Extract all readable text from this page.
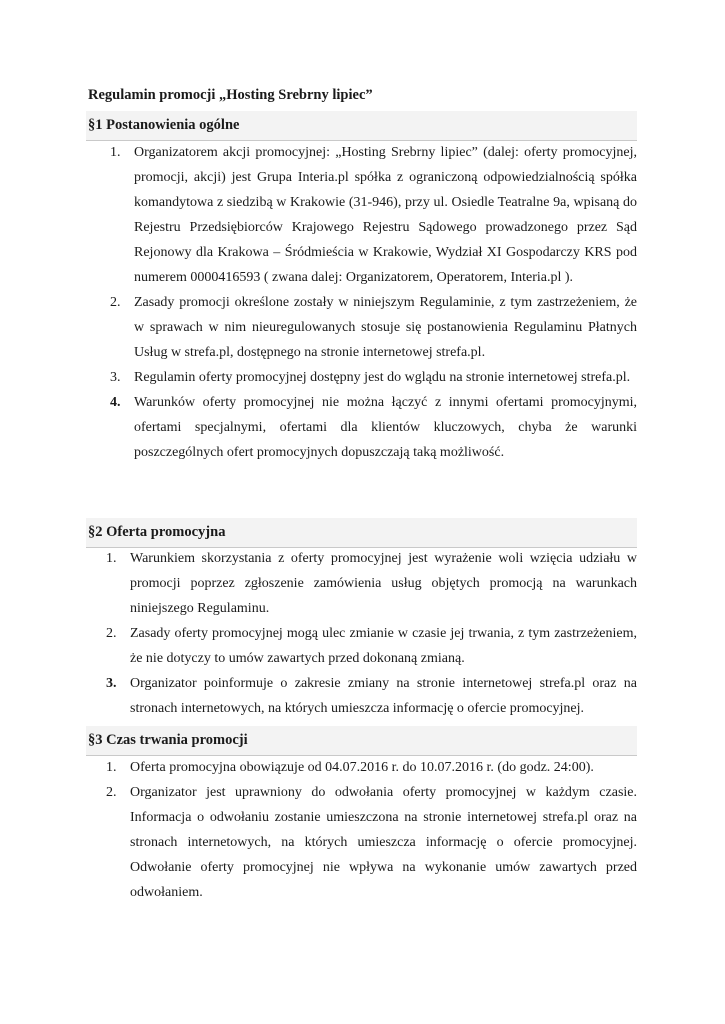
Regulamin promocji „Hosting Srebrny lipiec”
§1 Postanowienia ogólne
1. Organizatorem akcji promocyjnej: „Hosting Srebrny lipiec” (dalej: oferty promocyjnej, promocji, akcji) jest Grupa Interia.pl spółka z ograniczoną odpowiedzialnością spółka komandytowa z siedzibą w Krakowie (31-946), przy ul. Osiedle Teatralne 9a, wpisaną do Rejestru Przedsiębiorców Krajowego Rejestru Sądowego prowadzonego przez Sąd Rejonowy dla Krakowa – Śródmieścia w Krakowie, Wydział XI Gospodarczy KRS pod numerem 0000416593 ( zwana dalej: Organizatorem, Operatorem, Interia.pl ).
2. Zasady promocji określone zostały w niniejszym Regulaminie, z tym zastrzeżeniem, że w sprawach w nim nieuregulowanych stosuje się postanowienia Regulaminu Płatnych Usług w strefa.pl, dostępnego na stronie internetowej strefa.pl.
3. Regulamin oferty promocyjnej dostępny jest do wglądu na stronie internetowej strefa.pl.
4. Warunków oferty promocyjnej nie można łączyć z innymi ofertami promocyjnymi, ofertami specjalnymi, ofertami dla klientów kluczowych, chyba że warunki poszczególnych ofert promocyjnych dopuszczają taką możliwość.
§2 Oferta promocyjna
1. Warunkiem skorzystania z oferty promocyjnej jest wyrażenie woli wzięcia udziału w promocji poprzez zgłoszenie zamówienia usług objętych promocją na warunkach niniejszego Regulaminu.
2. Zasady oferty promocyjnej mogą ulec zmianie w czasie jej trwania, z tym zastrzeżeniem, że nie dotyczy to umów zawartych przed dokonaną zmianą.
3. Organizator poinformuje o zakresie zmiany na stronie internetowej strefa.pl oraz na stronach internetowych, na których umieszcza informację o ofercie promocyjnej.
§3 Czas trwania promocji
1. Oferta promocyjna obowiązuje od 04.07.2016 r. do 10.07.2016 r. (do godz. 24:00).
2. Organizator jest uprawniony do odwołania oferty promocyjnej w każdym czasie. Informacja o odwołaniu zostanie umieszczona na stronie internetowej strefa.pl oraz na stronach internetowych, na których umieszcza informację o ofercie promocyjnej. Odwołanie oferty promocyjnej nie wpływa na wykonanie umów zawartych przed odwołaniem.
